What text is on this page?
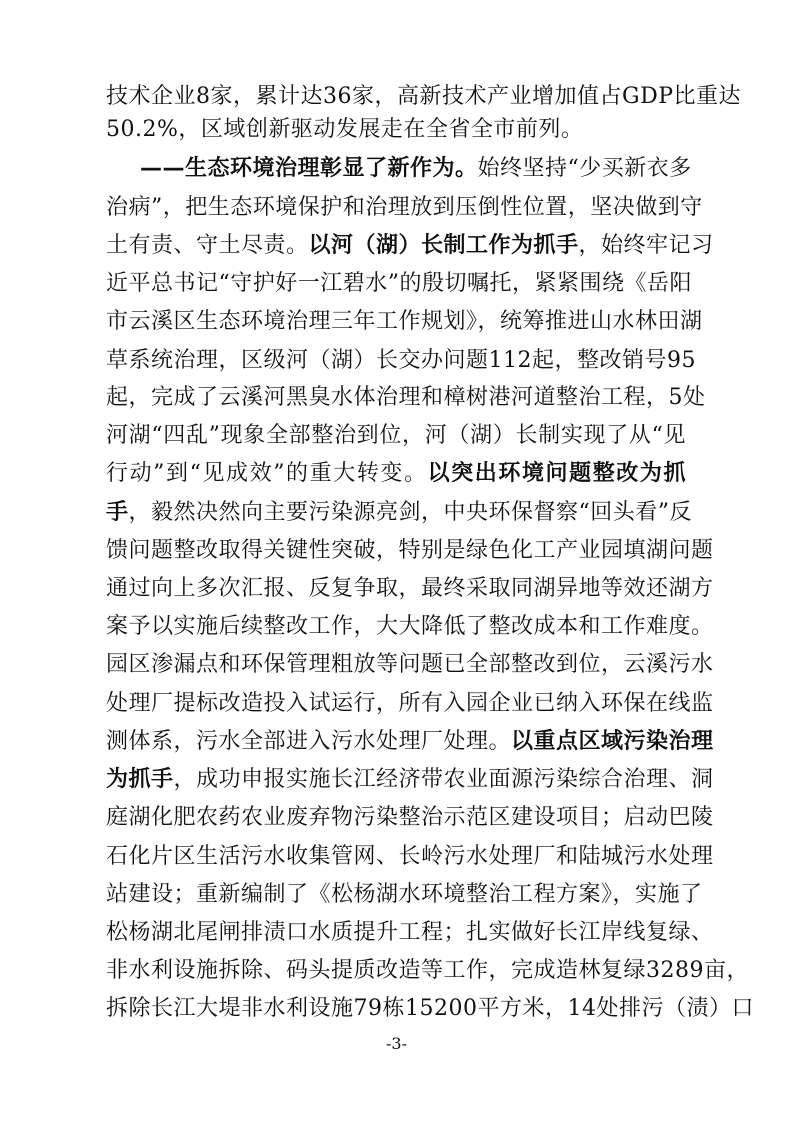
技术企业8家，累计达36家，高新技术产业增加值占GDP比重达
50.2%，区域创新驱动发展走在全省全市前列。
——生态环境治理彰显了新作为。始终坚持“少买新衣多
治病”，把生态环境保护和治理放到压倒性位置，坚决做到守
土有责、守土尽责。以河（湖）长制工作为抓手，始终牢记习
近平总书记“守护好一江碧水”的殷切嘱托，紧紧围绕《岳阳
市云溪区生态环境治理三年工作规划》，统筹推进山水林田湖
草系统治理，区级河（湖）长交办问题112起，整改销号95
起，完成了云溪河黑臭水体治理和樟树港河道整治工程，5处
河湖“四乱”现象全部整治到位，河（湖）长制实现了从“见
行动”到“见成效”的重大转变。以突出环境问题整改为抓
手，毅然决然向主要污染源亮剑，中央环保督察“回头看”反
馈问题整改取得关键性突破，特别是绿色化工产业园填湖问题
通过向上多次汇报、反复争取，最终采取同湖异地等效还湖方
案予以实施后续整改工作，大大降低了整改成本和工作难度。
园区渗漏点和环保管理粗放等问题已全部整改到位，云溪污水
处理厂提标改造投入试运行，所有入园企业已纳入环保在线监
测体系，污水全部进入污水处理厂处理。以重点区域污染治理
为抓手，成功申报实施长江经济带农业面源污染综合治理、洞
庭湖化肥农药农业废弃物污染整治示范区建设项目；启动巴陵
石化片区生活污水收集管网、长岭污水处理厂和陆城污水处理
站建设；重新编制了《松杨湖水环境整治工程方案》，实施了
松杨湖北尾闸排渍口水质提升工程；扎实做好长江岸线复绿、
非水利设施拆除、码头提质改造等工作，完成造林复绿3289亩，
拆除长江大堤非水利设施79栋15200平方米，14处排污（渍）口
-3-
